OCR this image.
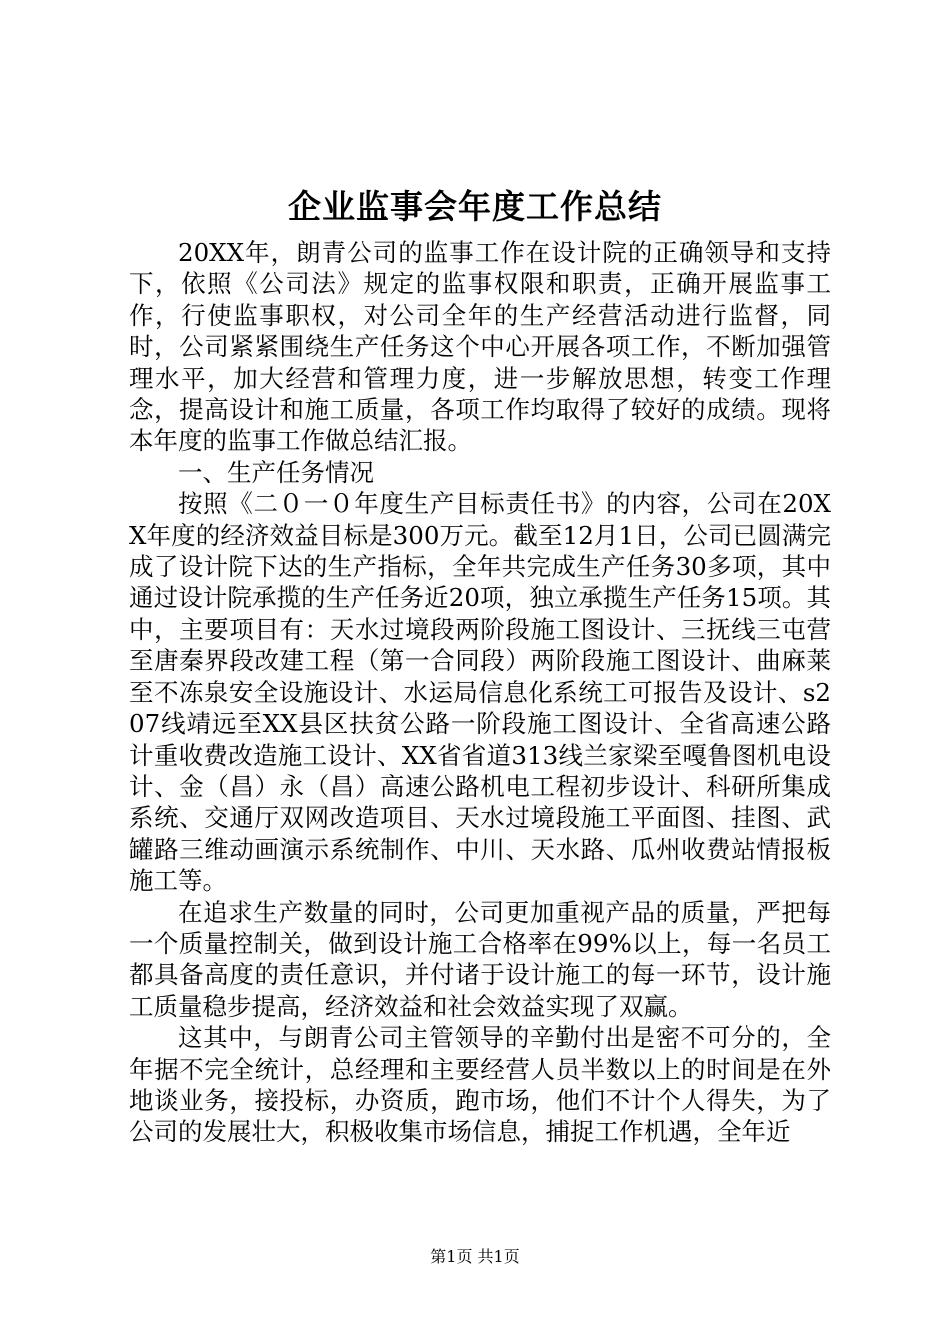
企业监事会年度工作总结

20XX年，朗青公司的监事工作在设计院的正确领导和支持下，依照《公司法》规定的监事权限和职责，正确开展监事工作，行使监事职权，对公司全年的生产经营活动进行监督，同时，公司紧紧围绕生产任务这个中心开展各项工作，不断加强管理水平，加大经营和管理力度，进一步解放思想，转变工作理念，提高设计和施工质量，各项工作均取得了较好的成绩。现将本年度的监事工作做总结汇报。

一、生产任务情况

按照《二０一０年度生产目标责任书》的内容，公司在20XX年度的经济效益目标是300万元。截至12月1日，公司已圆满完成了设计院下达的生产指标，全年共完成生产任务30多项，其中通过设计院承揽的生产任务近20项，独立承揽生产任务15项。其中，主要项目有：天水过境段两阶段施工图设计、三抚线三屯营至唐秦界段改建工程（第一合同段）两阶段施工图设计、曲麻莱至不冻泉安全设施设计、水运局信息化系统工可报告及设计、s207线靖远至XX县区扶贫公路一阶段施工图设计、全省高速公路计重收费改造施工设计、XX省省道313线兰家梁至嘎鲁图机电设计、金（昌）永（昌）高速公路机电工程初步设计、科研所集成系统、交通厅双网改造项目、天水过境段施工平面图、挂图、武罐路三维动画演示系统制作、中川、天水路、瓜州收费站情报板施工等。

在追求生产数量的同时，公司更加重视产品的质量，严把每一个质量控制关，做到设计施工合格率在99%以上，每一名员工都具备高度的责任意识，并付诸于设计施工的每一环节，设计施工质量稳步提高，经济效益和社会效益实现了双赢。

这其中，与朗青公司主管领导的辛勤付出是密不可分的，全年据不完全统计，总经理和主要经营人员半数以上的时间是在外地谈业务，接投标，办资质，跑市场，他们不计个人得失，为了公司的发展壮大，积极收集市场信息，捕捉工作机遇，全年近

第1页 共1页
